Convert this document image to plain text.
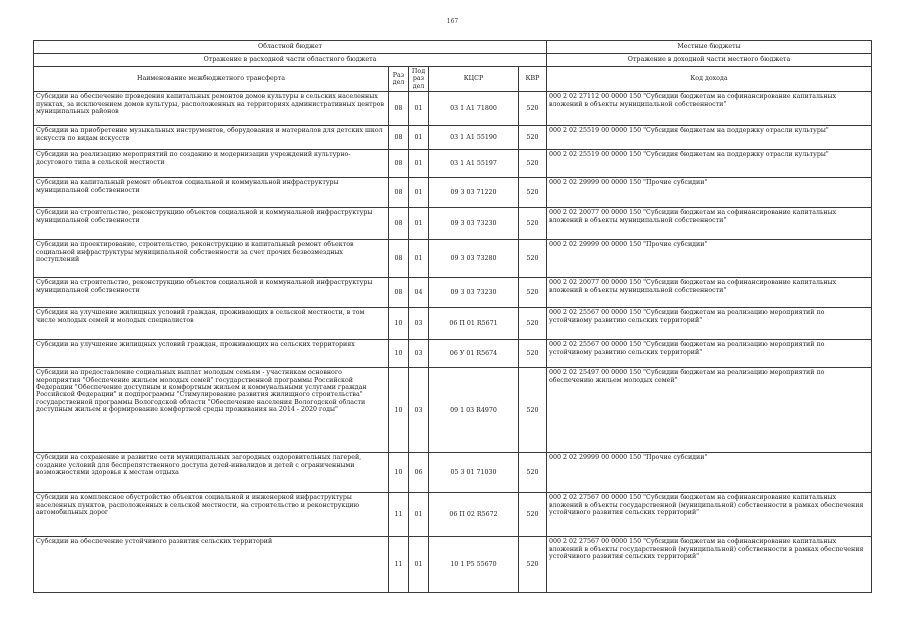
167
Областной бюджет					Местные бюджеты
Отражение в расходной части областного бюджета					Отражение в доходной части местного бюджета
Наименование межбюджетного трансферта	Раздел	Подраздел	КЦСР	КВР	Код дохода
Субсидии на обеспечение проведения капитальных ремонтов домов культуры в сельских населенных пунктах, за исключением домов культуры, расположенных на территориях административных центров муниципальных районов	08	01	03 1 А1 71800	520	000 2 02 27112 00 0000 150 "Субсидии бюджетам на софинансирование капитальных вложений в объекты муниципальной собственности"
Субсидии на приобретение музыкальных инструментов, оборудования и материалов для детских школ искусств по видам искусств	08	01	03 1 А1 55190	520	000 2 02 25519 00 0000 150 "Субсидия бюджетам на поддержку отрасли культуры"
Субсидии на реализацию мероприятий по созданию и модернизации учреждений культурно-досугового типа в сельской местности	08	01	03 1 А1 55197	520	000 2 02 25519 00 0000 150 "Субсидия бюджетам на поддержку отрасли культуры"
Субсидии на капитальный ремонт объектов социальной и коммунальной инфраструктуры муниципальной собственности	08	01	09 3 03 71220	520	000 2 02 29999 00 0000 150 "Прочие субсидии"
Субсидии на строительство, реконструкцию объектов социальной и коммунальной инфраструктуры муниципальной собственности	08	01	09 3 03 73230	520	000 2 02 20077 00 0000 150 "Субсидии бюджетам на софинансирование капитальных вложений в объекты муниципальной собственности"
Субсидии на проектирование, строительство, реконструкцию и капитальный ремонт объектов социальной инфраструктуры муниципальной собственности за счет прочих безвозмездных поступлений	08	01	09 3 03 73280	520	000 2 02 29999 00 0000 150 "Прочие субсидии"
Субсидии на строительство, реконструкцию объектов социальной и коммунальной инфраструктуры муниципальной собственности	08	04	09 3 03 73230	520	000 2 02 20077 00 0000 150 "Субсидии бюджетам на софинансирование капитальных вложений в объекты муниципальной собственности"
Субсидия на улучшение жилищных условий граждан, проживающих в сельской местности, в том числе молодых семей и молодых специалистов	10	03	06 П 01 R5671	520	000 2 02 25567 00 0000 150 "Субсидии бюджетам на реализацию мероприятий по устойчивому развитию сельских территорий"
Субсидии на улучшение жилищных условий граждан, проживающих на сельских территориях	10	03	06 У 01 R5674	520	000 2 02 25567 00 0000 150 "Субсидии бюджетам на реализацию мероприятий по устойчивому развитию сельских территорий"
Субсидии на предоставление социальных выплат молодым семьям - участникам основного мероприятия "Обеспечение жильем молодых семей" государственной программы Российской Федерации "Обеспечение доступным и комфортным жильем и коммунальными услугами граждан Российской Федерации" и подпрограммы "Стимулирование развития жилищного строительства" государственной программы Вологодской области "Обеспечение населения Вологодской области доступным жильем и формирование комфортной среды проживания на 2014 - 2020 годы"	10	03	09 1 03 R4970	520	000 2 02 25497 00 0000 150 "Субсидии бюджетам на реализацию мероприятий по обеспечению жильем молодых семей"
Субсидии на сохранение и развитие сети муниципальных загородных оздоровительных лагерей, создание условий для беспрепятственного доступа детей-инвалидов и детей с ограниченными возможностями здоровья к местам отдыха	10	06	05 3 01 71030	520	000 2 02 29999 00 0000 150 "Прочие субсидии"
Субсидии на комплексное обустройство объектов социальной и инженерной инфраструктуры населенных пунктов, расположенных в сельской местности, на строительство и реконструкцию автомобильных дорог	11	01	06 П 02 R5672	520	000 2 02 27567 00 0000 150 "Субсидии бюджетам на софинансирование капитальных вложений в объекты государственной (муниципальной) собственности в рамках обеспечения устойчивого развития сельских территорий"
Субсидии на обеспечение устойчивого развития сельских территорий	11	01	10 1 Р5 55670	520	000 2 02 27567 00 0000 150 "Субсидии бюджетам на софинансирование капитальных вложений в объекты государственной (муниципальной) собственности в рамках обеспечения устойчивого развития сельских территорий"
